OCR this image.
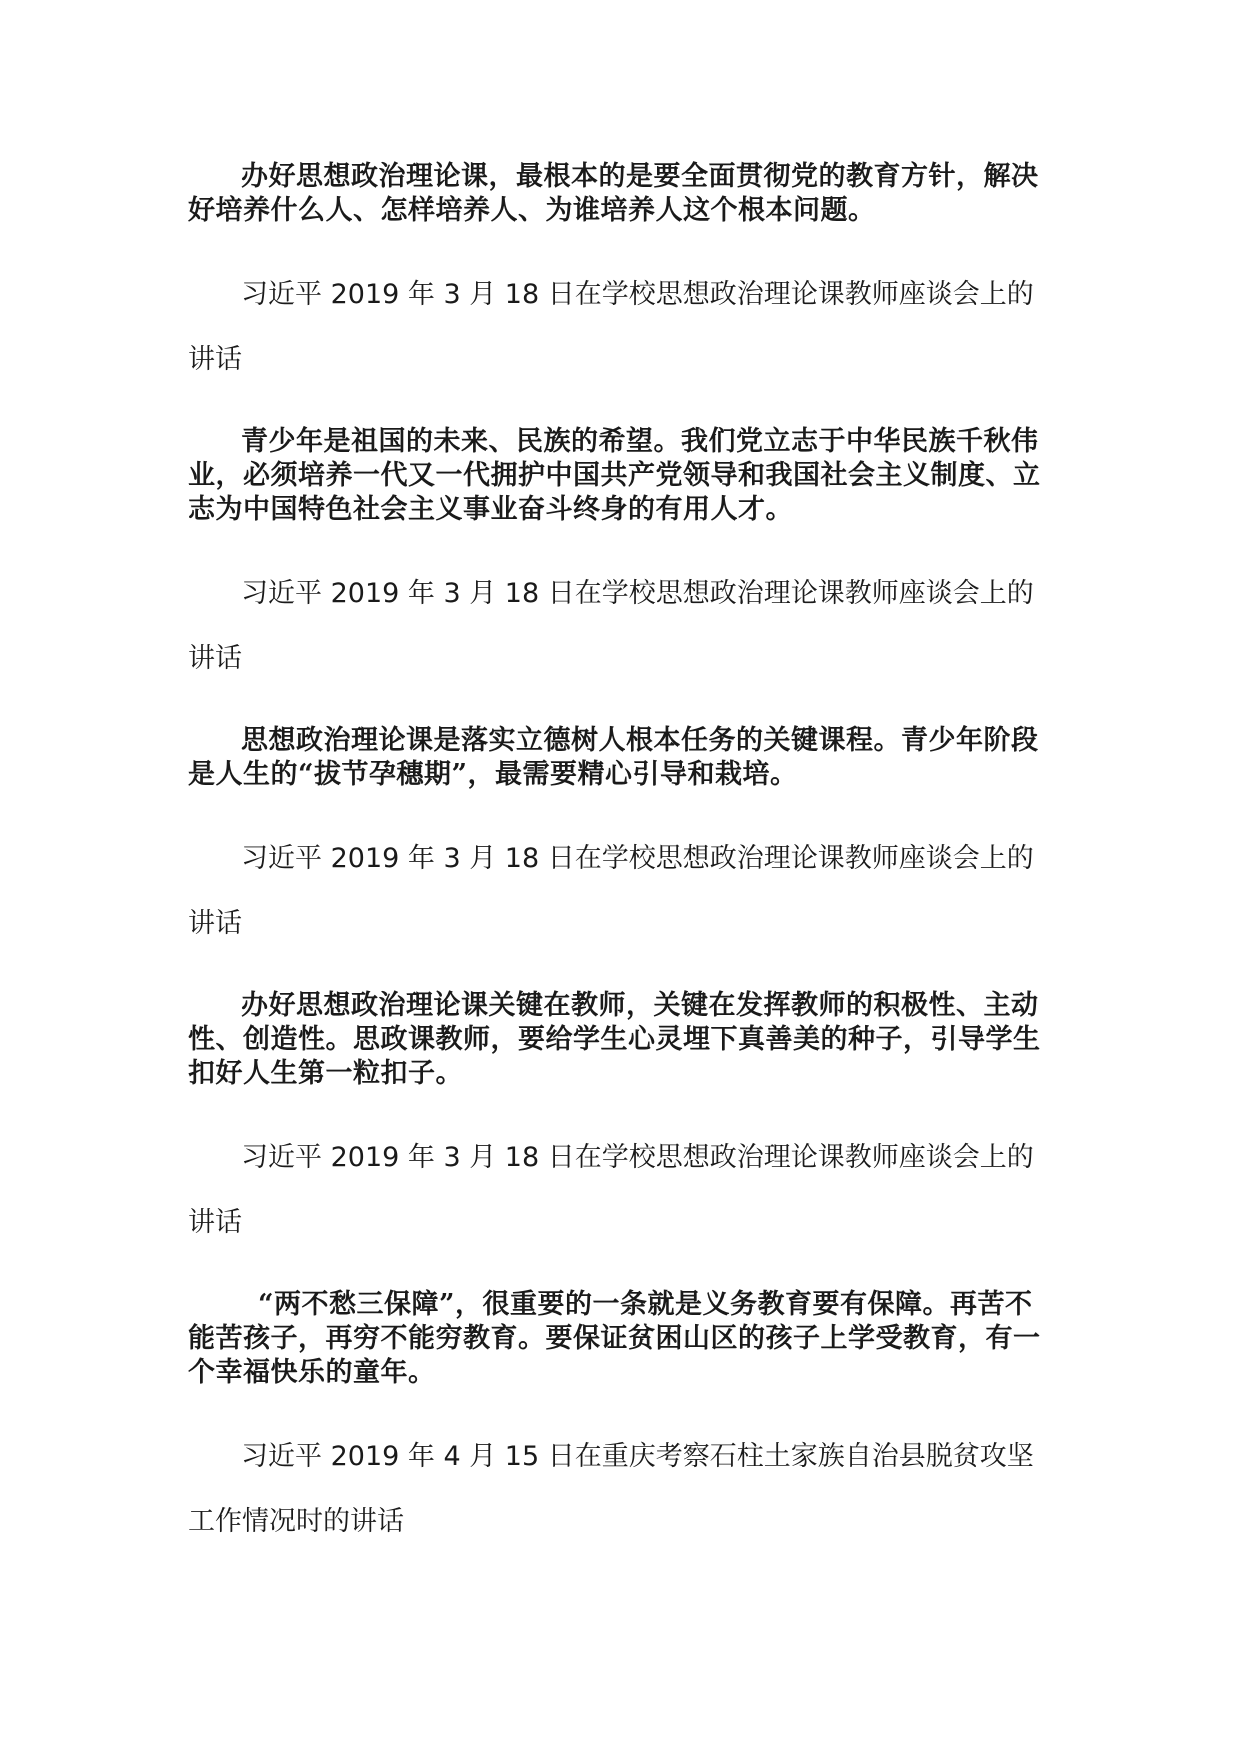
办好思想政治理论课，最根本的是要全面贯彻党的教育方针，解决好培养什么人、怎样培养人、为谁培养人这个根本问题。

习近平 2019 年 3 月 18 日在学校思想政治理论课教师座谈会上的讲话

青少年是祖国的未来、民族的希望。我们党立志于中华民族千秋伟业，必须培养一代又一代拥护中国共产党领导和我国社会主义制度、立志为中国特色社会主义事业奋斗终身的有用人才。

习近平 2019 年 3 月 18 日在学校思想政治理论课教师座谈会上的讲话

思想政治理论课是落实立德树人根本任务的关键课程。青少年阶段是人生的“拔节孕穗期”，最需要精心引导和栽培。

习近平 2019 年 3 月 18 日在学校思想政治理论课教师座谈会上的讲话

办好思想政治理论课关键在教师，关键在发挥教师的积极性、主动性、创造性。思政课教师，要给学生心灵埋下真善美的种子，引导学生扣好人生第一粒扣子。

习近平 2019 年 3 月 18 日在学校思想政治理论课教师座谈会上的讲话

“两不愁三保障”，很重要的一条就是义务教育要有保障。再苦不能苦孩子，再穷不能穷教育。要保证贫困山区的孩子上学受教育，有一个幸福快乐的童年。

习近平 2019 年 4 月 15 日在重庆考察石柱土家族自治县脱贫攻坚工作情况时的讲话
